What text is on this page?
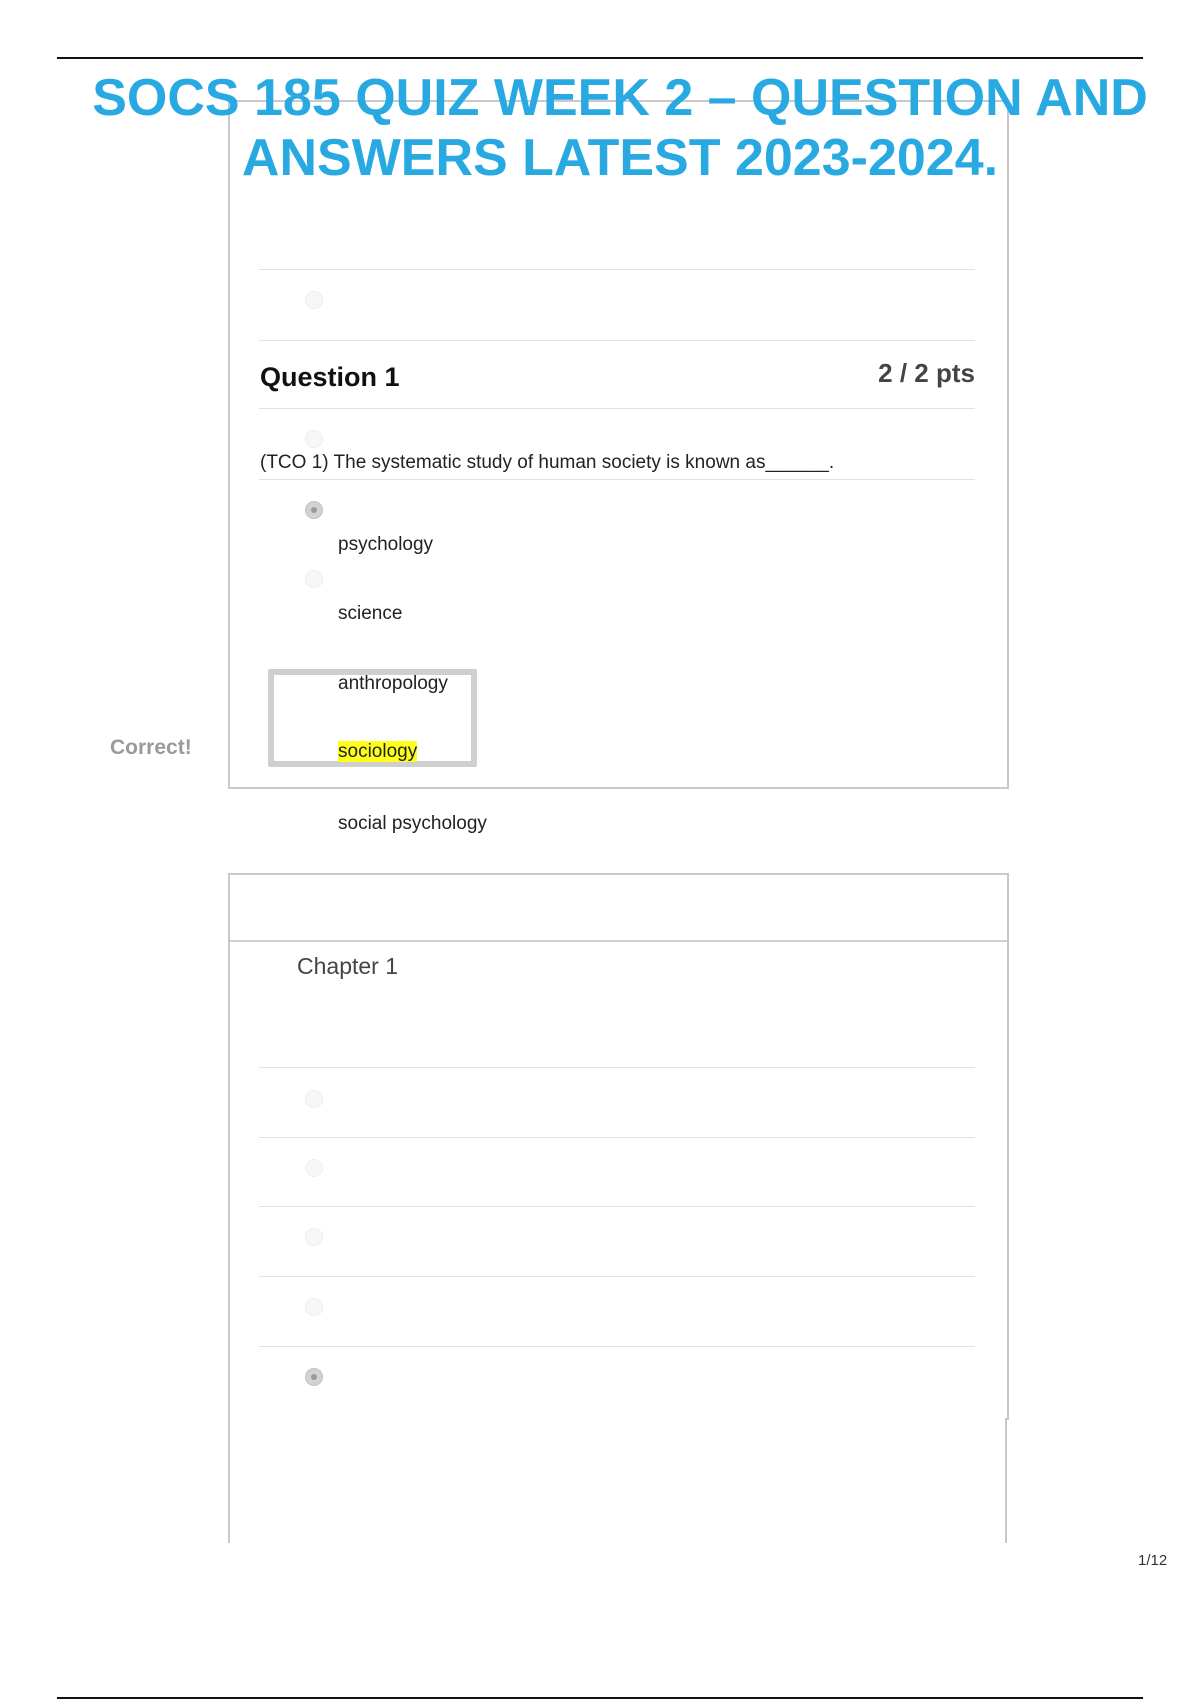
Question 1	2 / 2 pts
(TCO 1) The systematic study of human society is known as______.
psychology
science
anthropology
Correct!	sociology
social psychology
Chapter 1
SOCS 185 QUIZ WEEK 2 – QUESTION AND ANSWERS LATEST 2023-2024.
1/12
